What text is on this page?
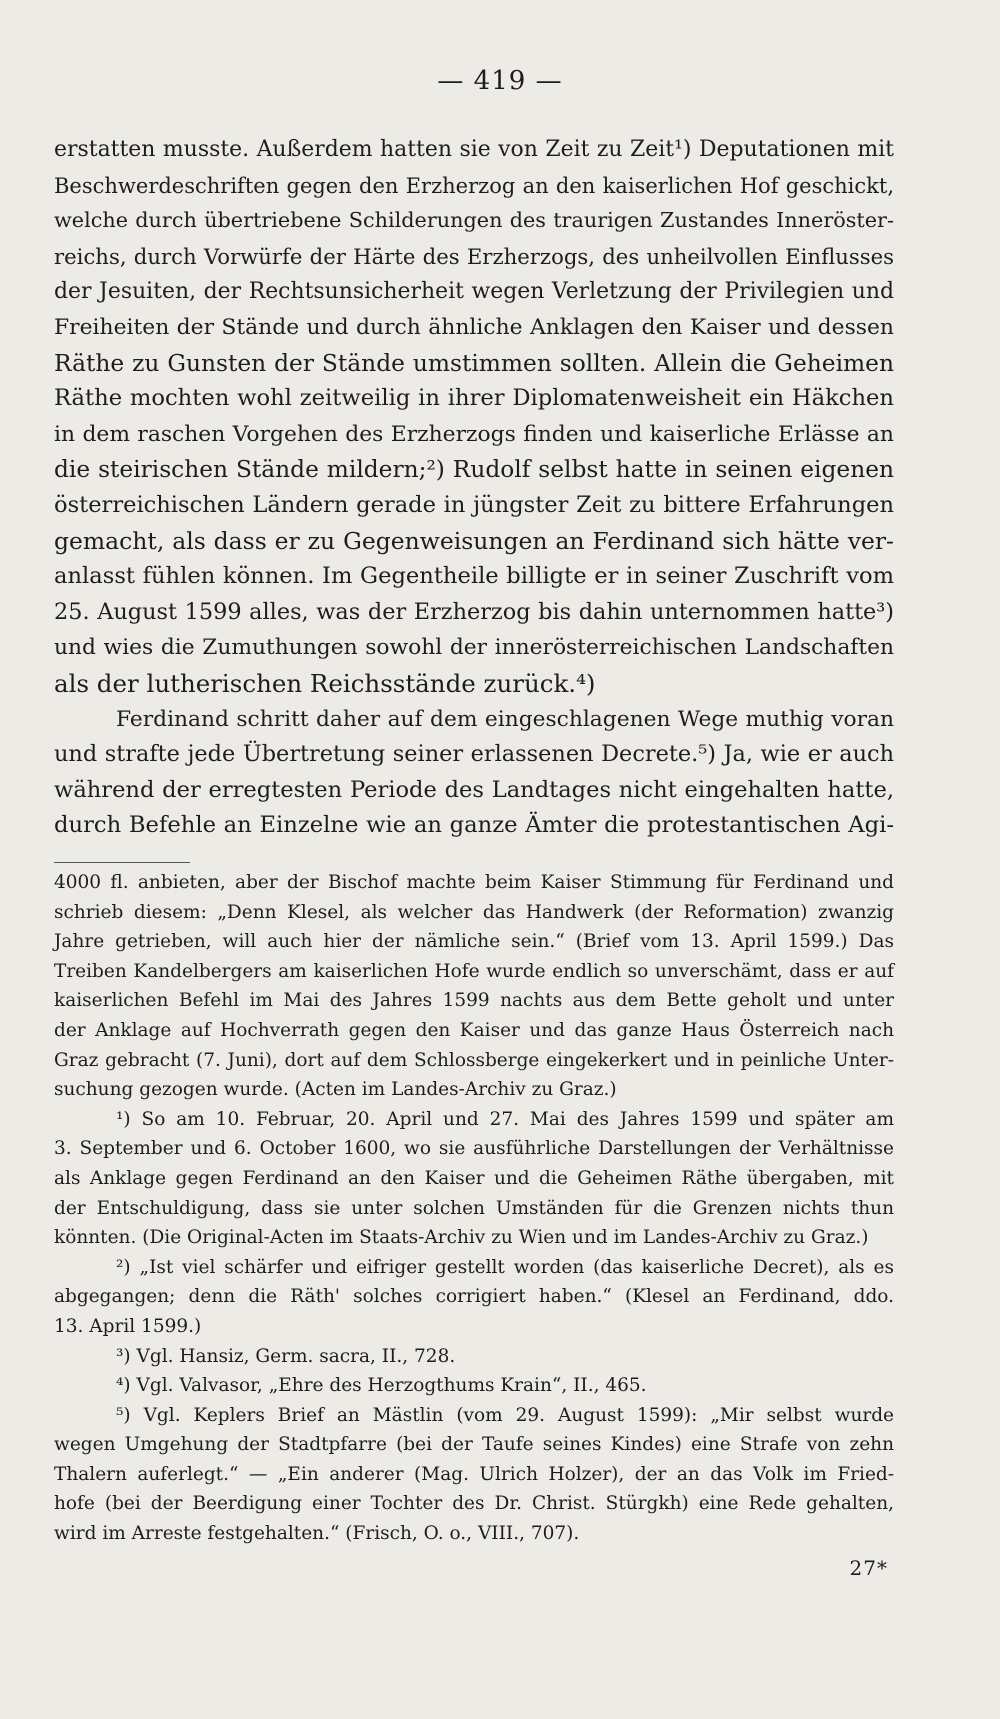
— 419 —
erstatten musste. Außerdem hatten sie von Zeit zu Zeit¹) Deputationen mit
Beschwerdeschriften gegen den Erzherzog an den kaiserlichen Hof geschickt,
welche durch übertriebene Schilderungen des traurigen Zustandes Inneröster-
reichs, durch Vorwürfe der Härte des Erzherzogs, des unheilvollen Einflusses
der Jesuiten, der Rechtsunsicherheit wegen Verletzung der Privilegien und
Freiheiten der Stände und durch ähnliche Anklagen den Kaiser und dessen
Räthe zu Gunsten der Stände umstimmen sollten. Allein die Geheimen
Räthe mochten wohl zeitweilig in ihrer Diplomatenweisheit ein Häkchen
in dem raschen Vorgehen des Erzherzogs finden und kaiserliche Erlässe an
die steirischen Stände mildern;²) Rudolf selbst hatte in seinen eigenen
österreichischen Ländern gerade in jüngster Zeit zu bittere Erfahrungen
gemacht, als dass er zu Gegenweisungen an Ferdinand sich hätte ver-
anlasst fühlen können. Im Gegentheile billigte er in seiner Zuschrift vom
25. August 1599 alles, was der Erzherzog bis dahin unternommen hatte³)
und wies die Zumuthungen sowohl der innerösterreichischen Landschaften
als der lutherischen Reichsstände zurück.⁴)
Ferdinand schritt daher auf dem eingeschlagenen Wege muthig voran
und strafte jede Übertretung seiner erlassenen Decrete.⁵) Ja, wie er auch
während der erregtesten Periode des Landtages nicht eingehalten hatte,
durch Befehle an Einzelne wie an ganze Ämter die protestantischen Agi-
4000 fl. anbieten, aber der Bischof machte beim Kaiser Stimmung für Ferdinand und
schrieb diesem: „Denn Klesel, als welcher das Handwerk (der Reformation) zwanzig
Jahre getrieben, will auch hier der nämliche sein.“ (Brief vom 13. April 1599.) Das
Treiben Kandelbergers am kaiserlichen Hofe wurde endlich so unverschämt, dass er auf
kaiserlichen Befehl im Mai des Jahres 1599 nachts aus dem Bette geholt und unter
der Anklage auf Hochverrath gegen den Kaiser und das ganze Haus Österreich nach
Graz gebracht (7. Juni), dort auf dem Schlossberge eingekerkert und in peinliche Unter-
suchung gezogen wurde. (Acten im Landes-Archiv zu Graz.)
¹) So am 10. Februar, 20. April und 27. Mai des Jahres 1599 und später am
3. September und 6. October 1600, wo sie ausführliche Darstellungen der Verhältnisse
als Anklage gegen Ferdinand an den Kaiser und die Geheimen Räthe übergaben, mit
der Entschuldigung, dass sie unter solchen Umständen für die Grenzen nichts thun
könnten. (Die Original-Acten im Staats-Archiv zu Wien und im Landes-Archiv zu Graz.)
²) „Ist viel schärfer und eifriger gestellt worden (das kaiserliche Decret), als es
abgegangen; denn die Räth' solches corrigiert haben.“ (Klesel an Ferdinand, ddo.
13. April 1599.)
³) Vgl. Hansiz, Germ. sacra, II., 728.
⁴) Vgl. Valvasor, „Ehre des Herzogthums Krain“, II., 465.
⁵) Vgl. Keplers Brief an Mästlin (vom 29. August 1599): „Mir selbst wurde
wegen Umgehung der Stadtpfarre (bei der Taufe seines Kindes) eine Strafe von zehn
Thalern auferlegt.“ — „Ein anderer (Mag. Ulrich Holzer), der an das Volk im Fried-
hofe (bei der Beerdigung einer Tochter des Dr. Christ. Stürgkh) eine Rede gehalten,
wird im Arreste festgehalten.“ (Frisch, O. o., VIII., 707).
27*
